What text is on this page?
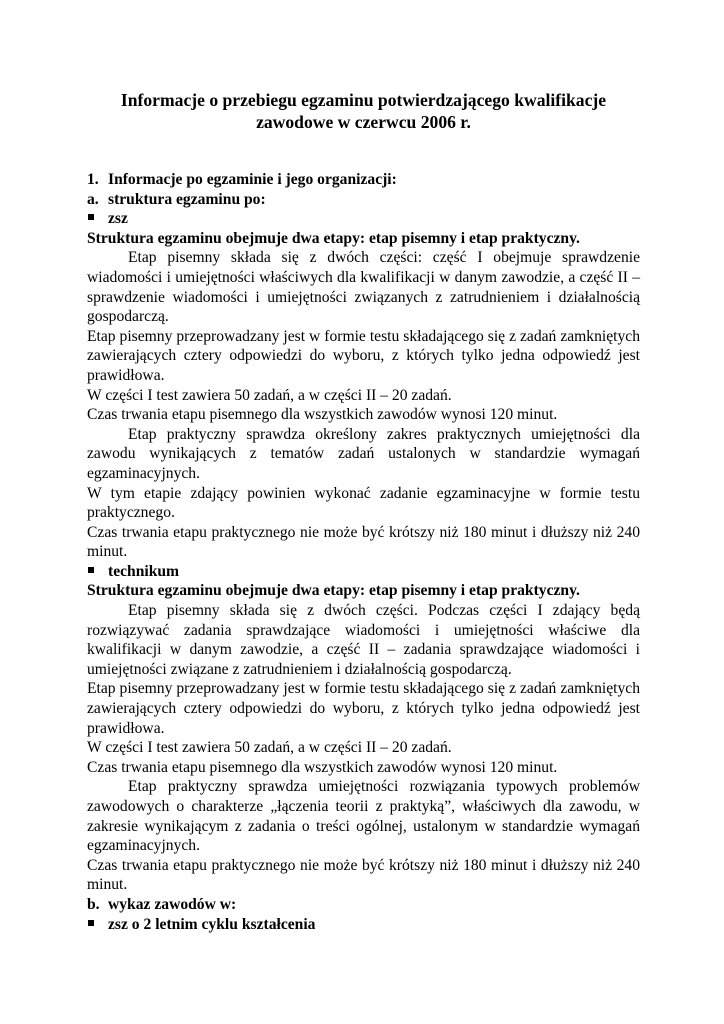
Informacje o przebiegu egzaminu potwierdzającego kwalifikacje
zawodowe w czerwcu 2006 r.
1. Informacje po egzaminie i jego organizacji:
a. struktura egzaminu po:
zsz

Struktura egzaminu obejmuje dwa etapy: etap pisemny i etap praktyczny.

Etap pisemny składa się z dwóch części: część I obejmuje sprawdzenie wiadomości i umiejętności właściwych dla kwalifikacji w danym zawodzie, a część II – sprawdzenie wiadomości i umiejętności związanych z zatrudnieniem i działalnością gospodarczą.

Etap pisemny przeprowadzany jest w formie testu składającego się z zadań zamkniętych zawierających cztery odpowiedzi do wyboru, z których tylko jedna odpowiedź jest prawidłowa.

W części I test zawiera 50 zadań, a w części II – 20 zadań.

Czas trwania etapu pisemnego dla wszystkich zawodów wynosi 120 minut.

Etap praktyczny sprawdza określony zakres praktycznych umiejętności dla zawodu wynikających z tematów zadań ustalonych w standardzie wymagań egzaminacyjnych.

W tym etapie zdający powinien wykonać zadanie egzaminacyjne w formie testu praktycznego.

Czas trwania etapu praktycznego nie może być krótszy niż 180 minut i dłuższy niż 240 minut.

technikum

Struktura egzaminu obejmuje dwa etapy: etap pisemny i etap praktyczny.

Etap pisemny składa się z dwóch części. Podczas części I zdający będą rozwiązywać zadania sprawdzające wiadomości i umiejętności właściwe dla kwalifikacji w danym zawodzie, a część II – zadania sprawdzające wiadomości i umiejętności związane z zatrudnieniem i działalnością gospodarczą.

Etap pisemny przeprowadzany jest w formie testu składającego się z zadań zamkniętych zawierających cztery odpowiedzi do wyboru, z których tylko jedna odpowiedź jest prawidłowa.

W części I test zawiera 50 zadań, a w części II – 20 zadań.

Czas trwania etapu pisemnego dla wszystkich zawodów wynosi 120 minut.

Etap praktyczny sprawdza umiejętności rozwiązania typowych problemów zawodowych o charakterze „łączenia teorii z praktyką”, właściwych dla zawodu, w zakresie wynikającym z zadania o treści ogólnej, ustalonym w standardzie wymagań egzaminacyjnych.

Czas trwania etapu praktycznego nie może być krótszy niż 180 minut i dłuższy niż 240 minut.

b. wykaz zawodów w:
zsz o 2 letnim cyklu kształcenia
